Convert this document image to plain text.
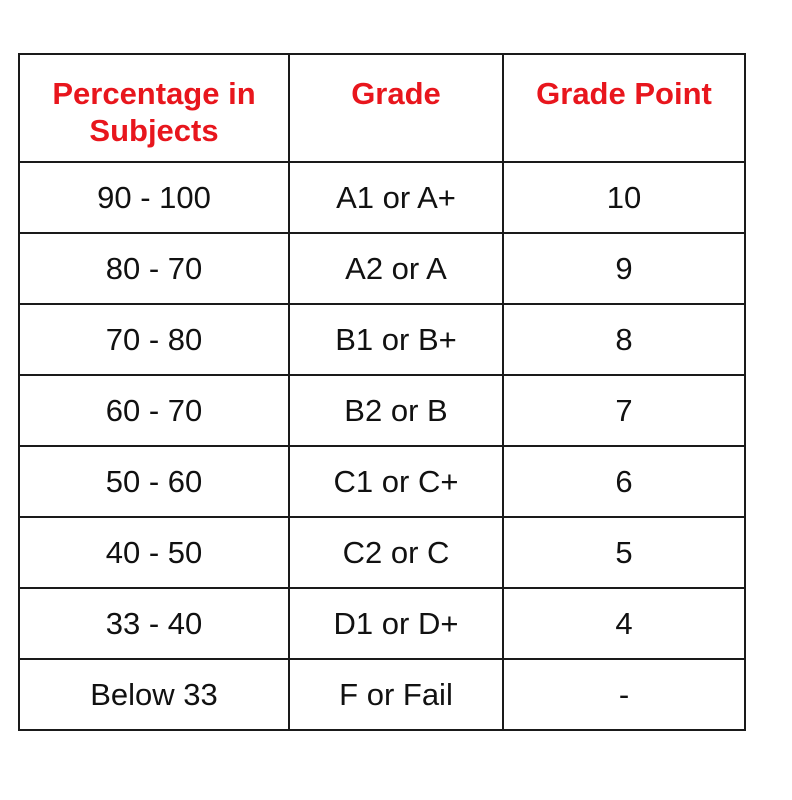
Percentage in Subjects	Grade	Grade Point
90 - 100	A1 or A+	10
80 - 70	A2 or A	9
70 - 80	B1 or B+	8
60 - 70	B2 or B	7
50 - 60	C1 or C+	6
40 - 50	C2 or C	5
33 - 40	D1 or D+	4
Below 33	F or Fail	-
